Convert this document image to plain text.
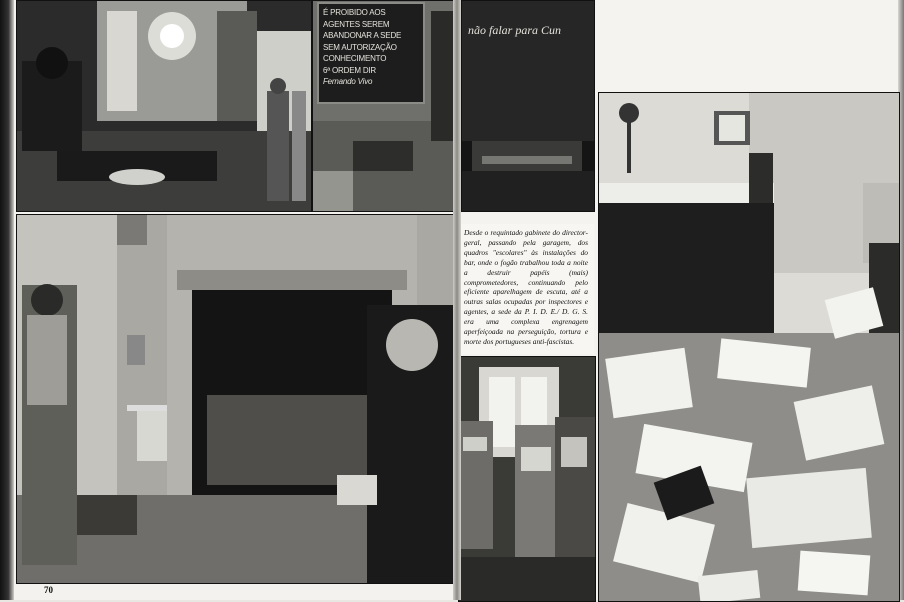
É PROIBIDO AOS
AGENTES SEREM
ABANDONAR A SEDE
SEM AUTORIZAÇÃO
CONHECIMENTO
6ª ORDEM DIR
Fernando Vivo
não falar para Cun
Desde o requintado gabinete do director-geral, passando pela garagem, dos quadros "escolares" às instalações do bar, onde o fogão trabalhou toda a noite a destruir papéis (mais) comprometedores, continuando pelo eficiente aparelhagem de escuta, até a outras salas ocupadas por inspectores e agentes, a sede da P. I. D. E./ D. G. S. era uma complexa engrenagem aperfeiçoada na perseguição, tortura e morte dos portugueses anti-fascistas.
70
